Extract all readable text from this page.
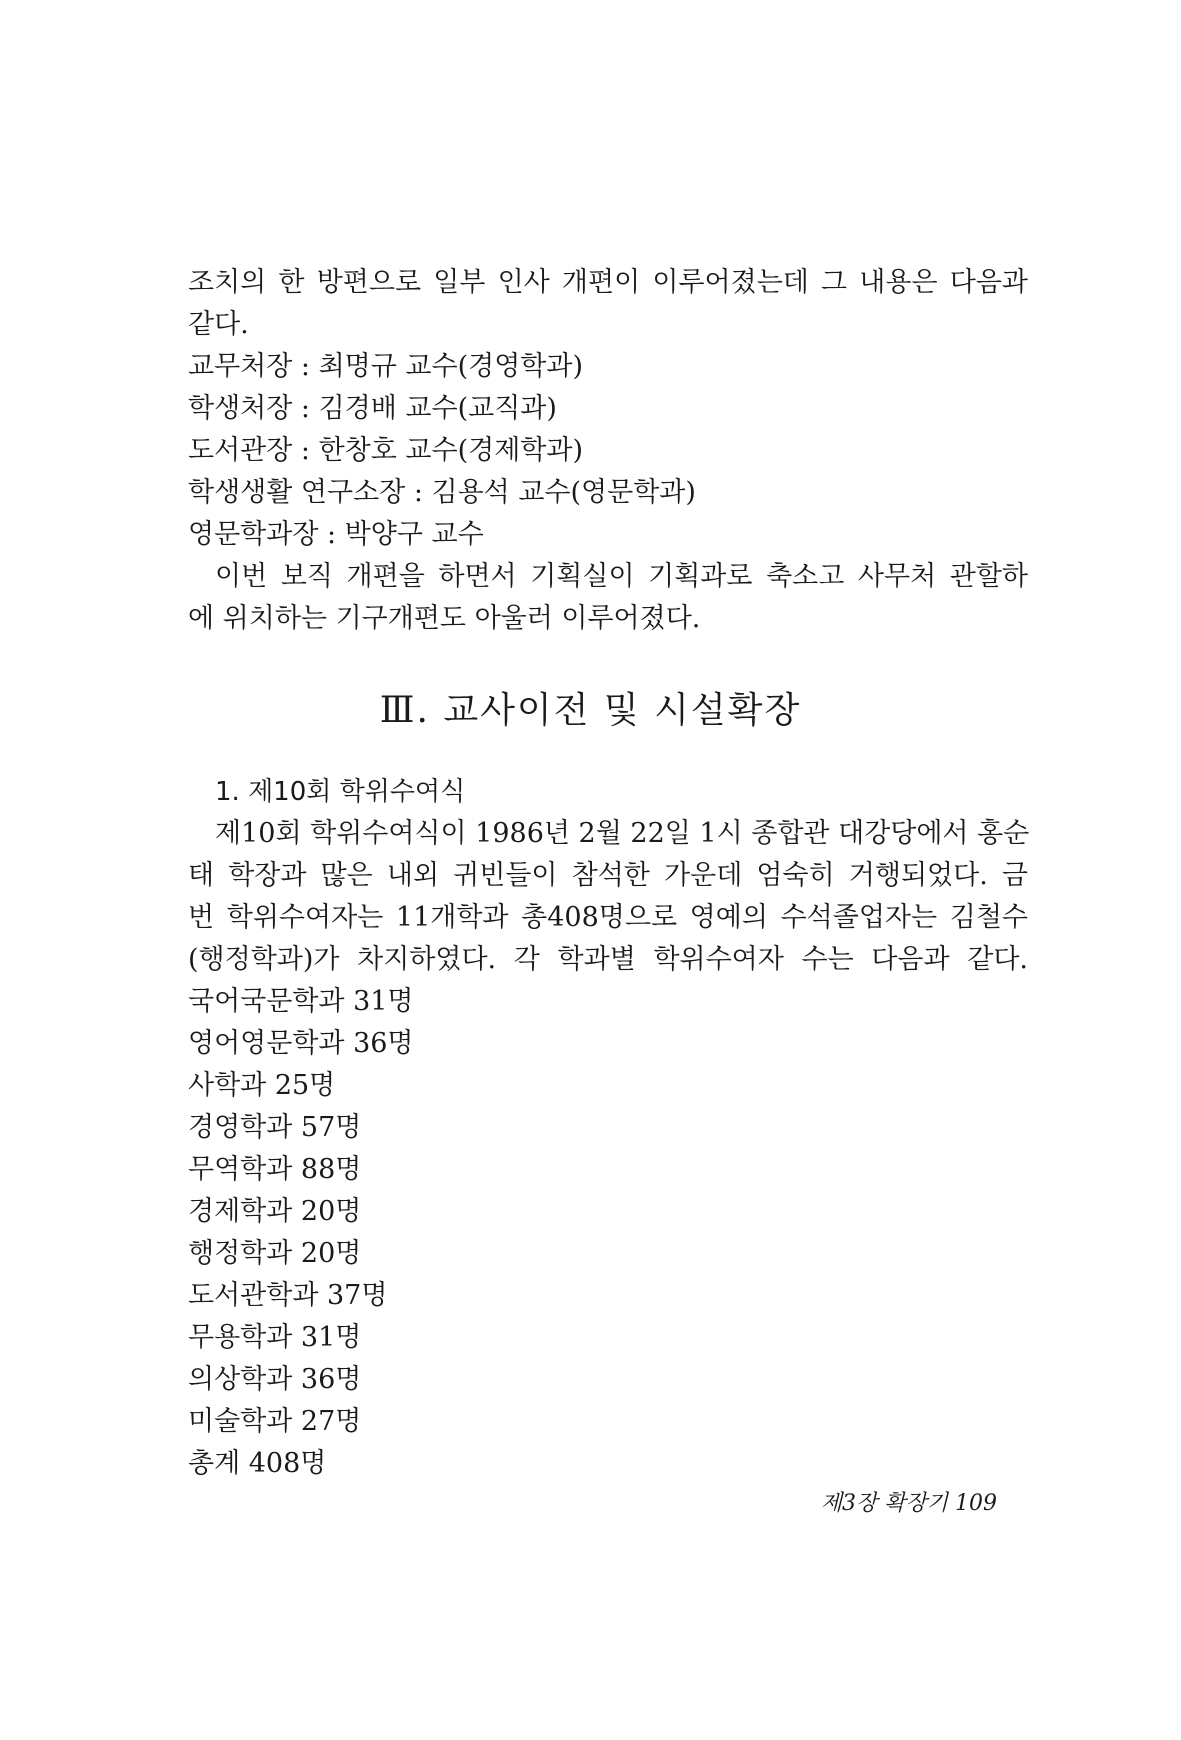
조치의 한 방편으로 일부 인사 개편이 이루어졌는데 그 내용은 다음과
같다.
교무처장 : 최명규 교수(경영학과)
학생처장 : 김경배 교수(교직과)
도서관장 : 한창호 교수(경제학과)
학생생활 연구소장 : 김용석 교수(영문학과)
영문학과장 : 박양구 교수
이번 보직 개편을 하면서 기획실이 기획과로 축소고 사무처 관할하
에 위치하는 기구개편도 아울러 이루어졌다.
Ⅲ. 교사이전 및 시설확장
1. 제10회 학위수여식
제10회 학위수여식이 1986년 2월 22일 1시 종합관 대강당에서 홍순
태 학장과 많은 내외 귀빈들이 참석한 가운데 엄숙히 거행되었다. 금
번 학위수여자는 11개학과 총408명으로 영예의 수석졸업자는 김철수
(행정학과)가 차지하였다. 각 학과별 학위수여자 수는 다음과 같다.
국어국문학과 31명
영어영문학과 36명
사학과 25명
경영학과 57명
무역학과 88명
경제학과 20명
행정학과 20명
도서관학과 37명
무용학과 31명
의상학과 36명
미술학과 27명
총계 408명
제3장 확장기 109
